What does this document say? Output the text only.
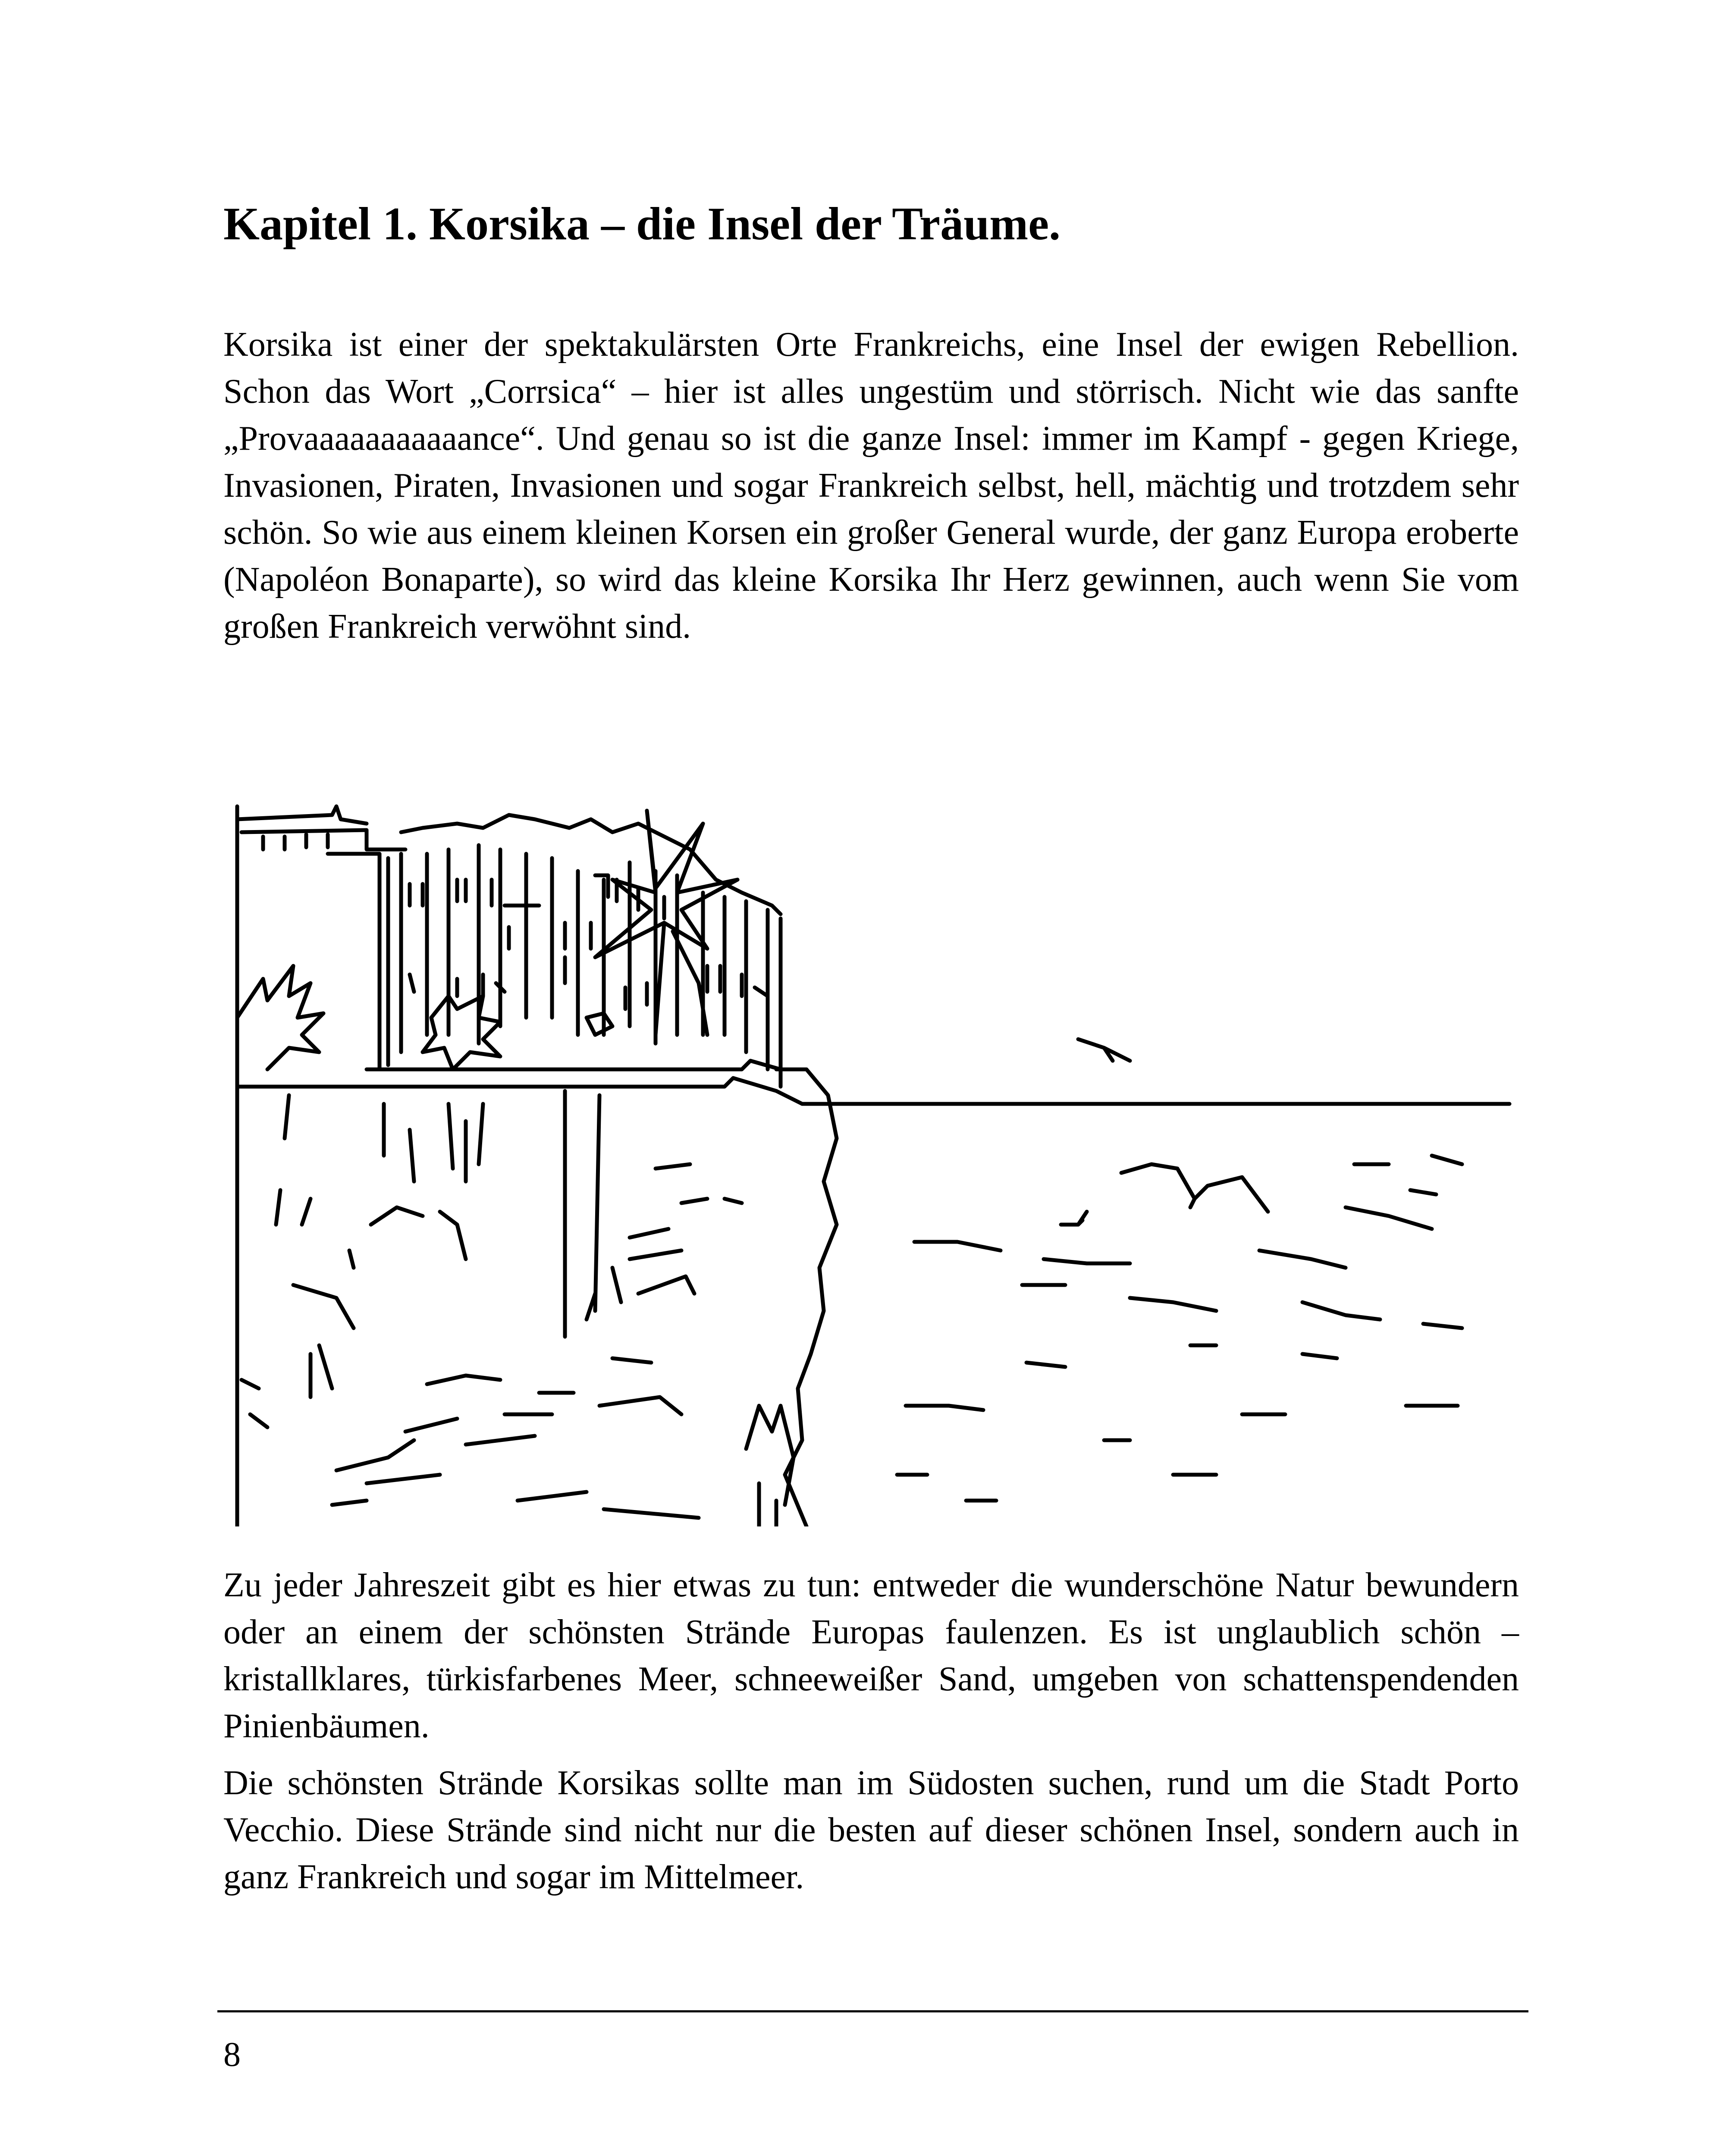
Kapitel 1. Korsika – die Insel der Träume.

Korsika ist einer der spektakulärsten Orte Frankreichs, eine Insel der ewigen Rebellion. Schon das Wort „Corrsica“ – hier ist alles ungestüm und störrisch. Nicht wie das sanfte „Provaaaaaaaaaaance“. Und genau so ist die ganze Insel: immer im Kampf - gegen Kriege, Invasionen, Piraten, Invasionen und sogar Frankreich selbst, hell, mächtig und trotzdem sehr schön. So wie aus einem kleinen Korsen ein großer General wurde, der ganz Europa eroberte (Napoléon Bonaparte), so wird das kleine Korsika Ihr Herz gewinnen, auch wenn Sie vom großen Frankreich verwöhnt sind.

Zu jeder Jahreszeit gibt es hier etwas zu tun: entweder die wunderschöne Natur bewundern oder an einem der schönsten Strände Europas faulenzen. Es ist unglaublich schön – kristallklares, türkisfarbenes Meer, schneeweißer Sand, umgeben von schattenspendenden Pinienbäumen.

Die schönsten Strände Korsikas sollte man im Südosten suchen, rund um die Stadt Porto Vecchio. Diese Strände sind nicht nur die besten auf dieser schönen Insel, sondern auch in ganz Frankreich und sogar im Mittelmeer.

8
